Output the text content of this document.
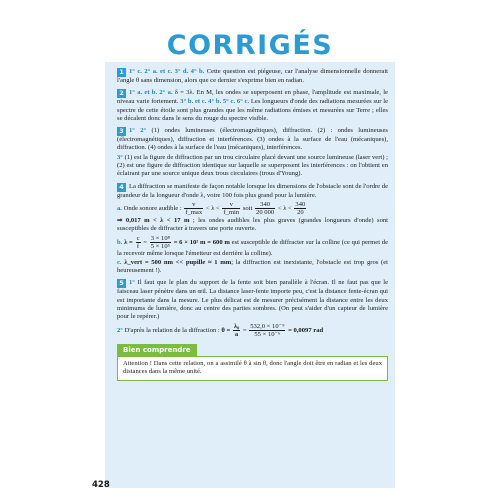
CORRIGÉS
1 1° c. 2° a. et c. 3° d. 4° b. Cette question est piégeuse, car l'analyse dimensionnelle donnerait l'angle θ sans dimension, alors que ce dernier s'exprime bien en radian.
2 1° a. et b. 2° a. δ = 3λ. En M, les ondes se superposent en phase, l'amplitude est maximale, le niveau varie fortement. 3° b. et c. 4° b. 5° c. 6° c. Les longueurs d'onde des radiations mesurées sur le spectre de cette étoile sont plus grandes que les même radiations émises et mesurées sur Terre ; elles se décalent donc dans le sens du rouge du spectre visible.

3 1° 2° (1) ondes lumineuses (électromagnétiques), diffraction. (2) : ondes lumineuses (électromagnétiques), diffraction et interférences. (3) ondes à la surface de l'eau (mécaniques), diffraction. (4) ondes à la surface de l'eau (mécaniques), interférences.

3° (1) est la figure de diffraction par un trou circulaire placé devant une source lumineuse (laser vert) ; (2) est une figure de diffraction identique sur laquelle se superposent les interférences : on l'obtient en éclairant par une source unique deux trous circulaires (trous d'Young).

4 La diffraction se manifeste de façon notable lorsque les dimensions de l'obstacle sont de l'ordre de grandeur de la longueur d'onde λ, voire 100 fois plus grand pour la lumière.

a. Onde sonore audible :
v
f_max
< λ <
v
f_min
soit $\frac{340}{20 000} < \lambda < \frac{340}{20}$

⇒ 0,017 m < λ < 17 m ; les ondes audibles les plus graves (grandes longueurs d'onde) sont susceptibles de diffracter à travers une porte ouverte.

b. $\lambda = \frac{c}{f} = \frac{\text{3 × 10⁸}}{\text{5 × 10⁵}} = 6 \times 10^2$ m = 600 m est susceptible de diffracter sur la colline (ce qui permet de la recevoir même lorsque l'émetteur est derrière la colline).

c. λ_vert = 500 nm << pupille ≈ 1 mm; la diffraction est inexistante, l'obstacle est trop gros (et heureusement !).

5 1° Il faut que le plan du support de la fente soit bien parallèle à l'écran. Il ne faut pas que le faisceau laser pénètre dans un œil. La distance laser-fente importe peu, c'est la distance fente-écran qui est importante dans la mesure. Le plus délicat est de mesurer précisément la distance entre les deux minimums de lumière, donc au centre des parties sombres. (On peut s'aider d'un capteur de lumière pour le repérer.)

2° D'après la relation de la diffraction : $\theta = \frac{\text{λ₀}}{a} = \frac{\text{532,0 × 10⁻⁹}}{\text{55 × 10⁻⁶}} = 0,0097$ rad

Bien comprendre
Attention ! Dans cette relation, on a assimilé θ à sin θ, donc l'angle doit être en radian et les deux distances dans la même unité.
428
